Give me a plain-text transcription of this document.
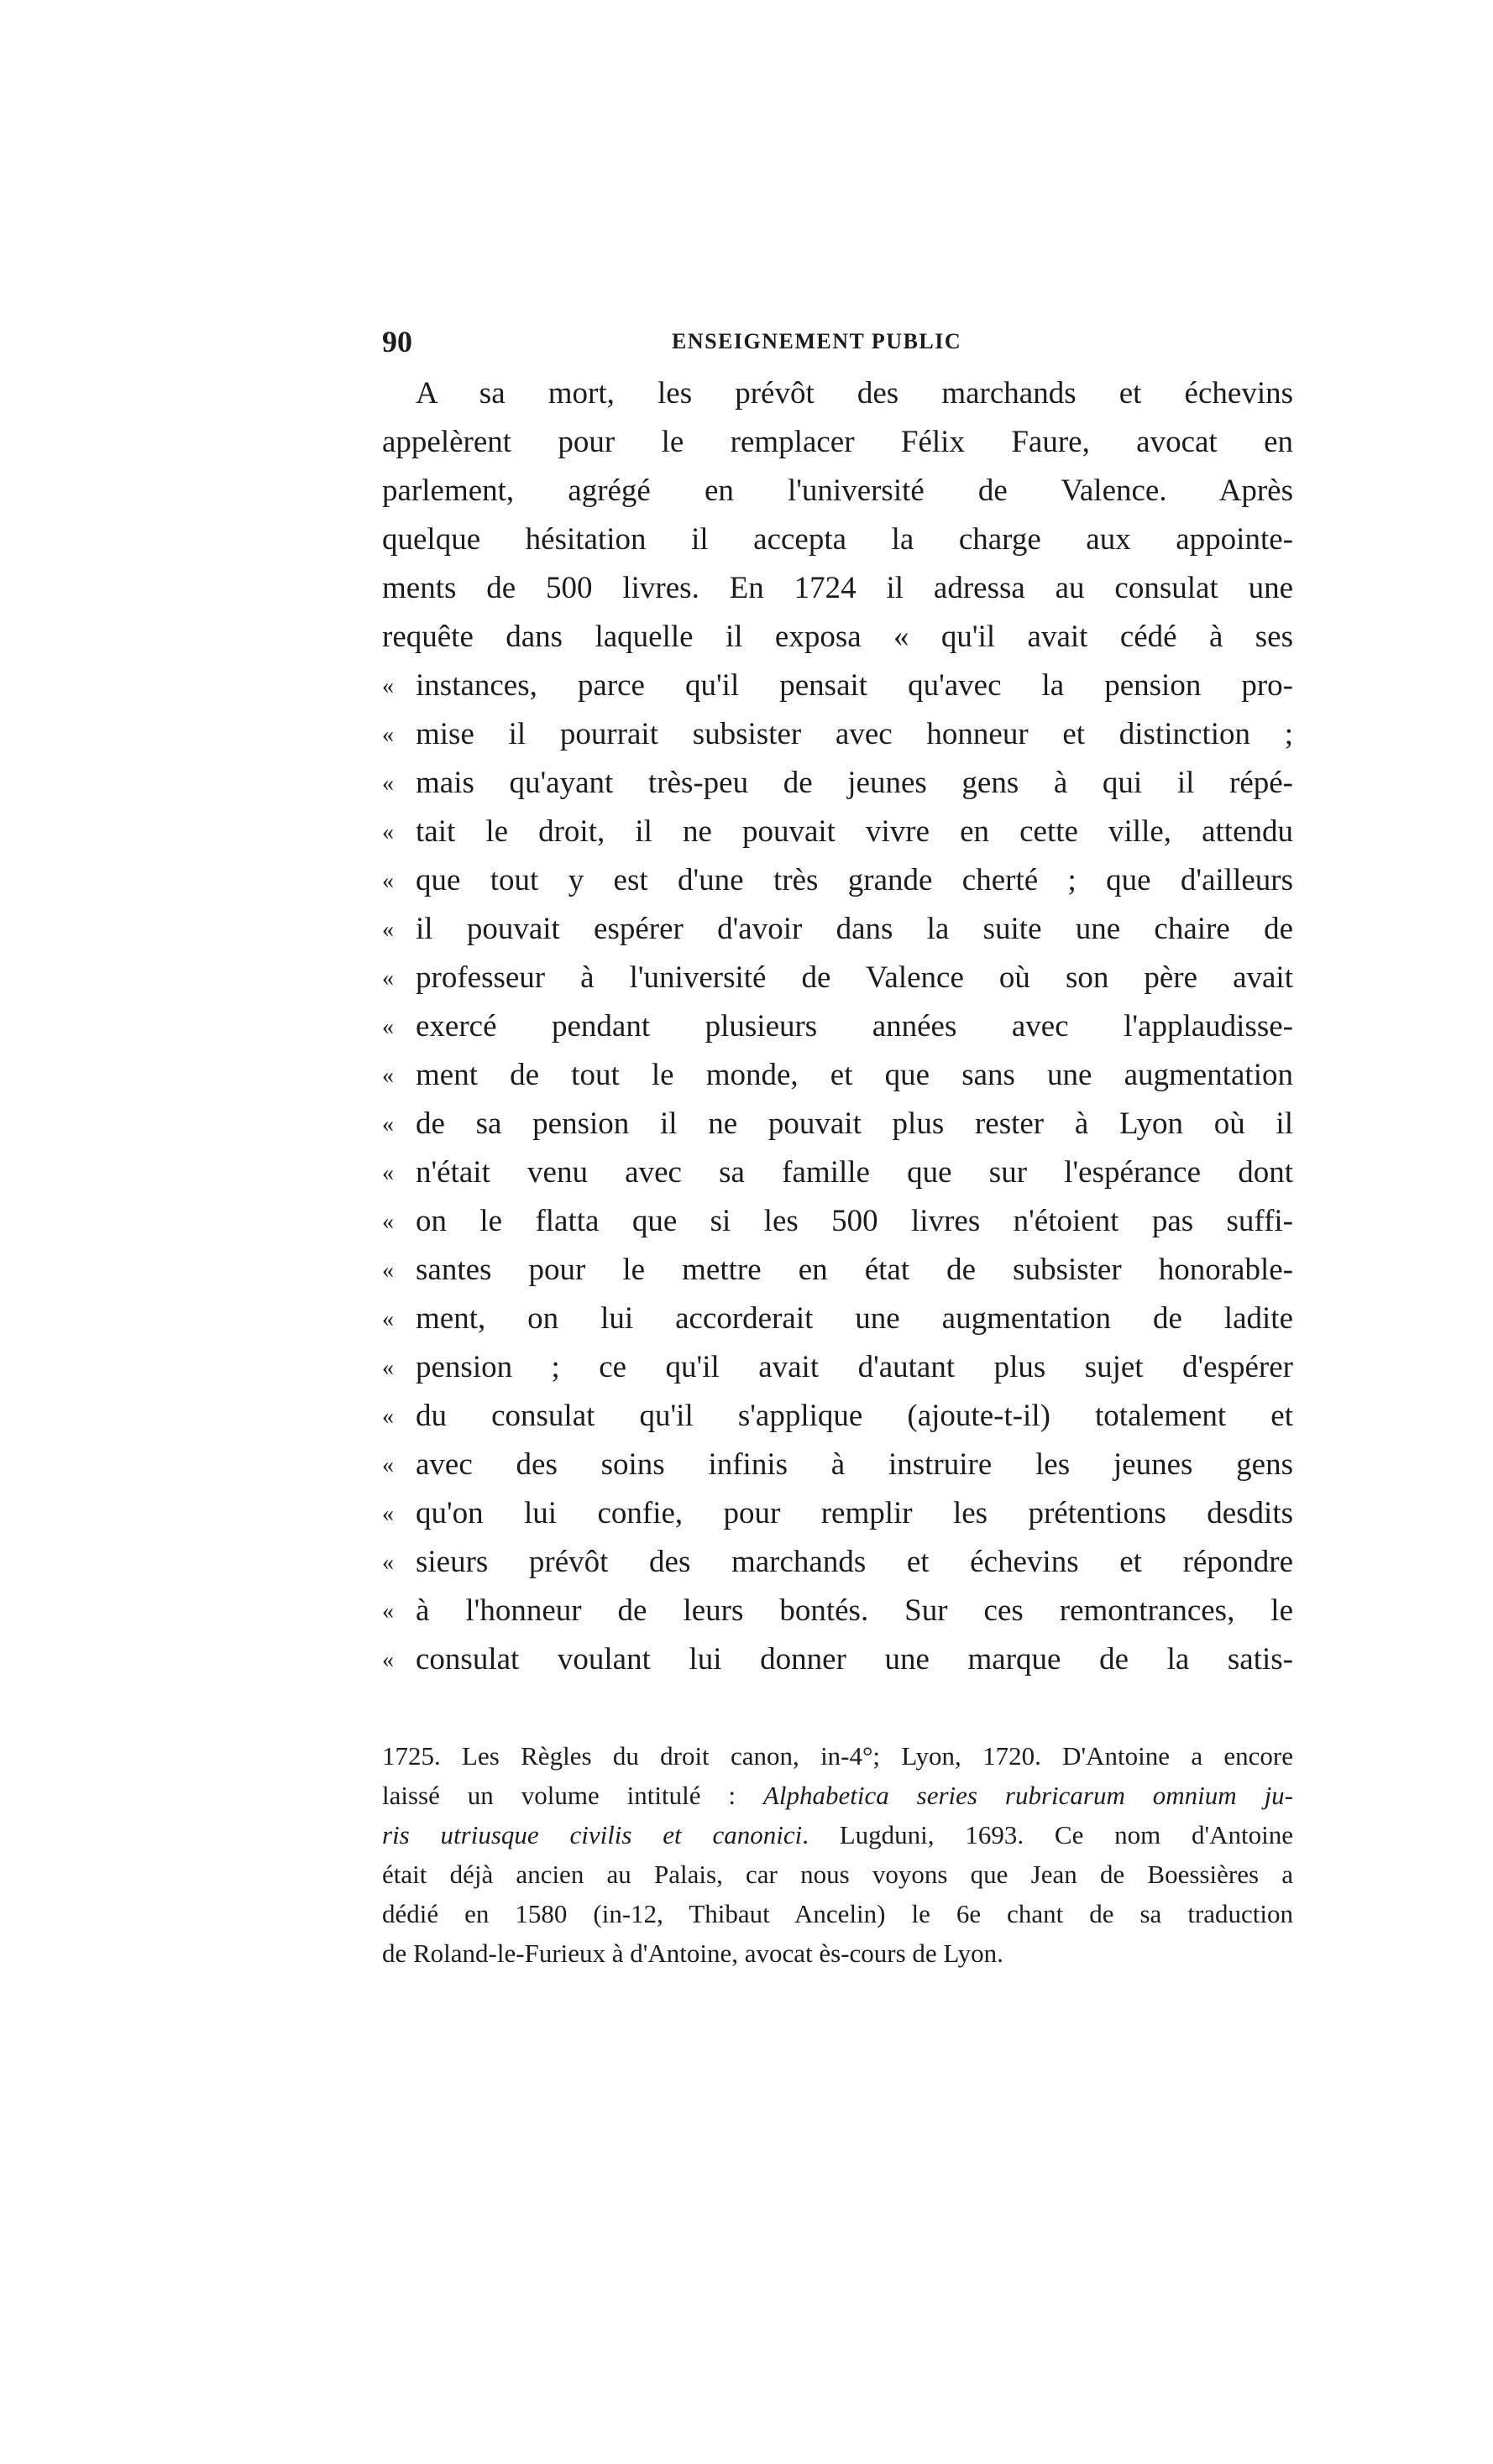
90	ENSEIGNEMENT PUBLIC
A sa mort, les prévôt des marchands et échevins
appelèrent pour le remplacer Félix Faure, avocat en
parlement, agrégé en l'université de Valence. Après
quelque hésitation il accepta la charge aux appointe-
ments de 500 livres. En 1724 il adressa au consulat une
requête dans laquelle il exposa « qu'il avait cédé à ses
« instances, parce qu'il pensait qu'avec la pension pro-
« mise il pourrait subsister avec honneur et distinction ;
« mais qu'ayant très-peu de jeunes gens à qui il répé-
« tait le droit, il ne pouvait vivre en cette ville, attendu
« que tout y est d'une très grande cherté ; que d'ailleurs
« il pouvait espérer d'avoir dans la suite une chaire de
« professeur à l'université de Valence où son père avait
« exercé pendant plusieurs années avec l'applaudisse-
« ment de tout le monde, et que sans une augmentation
« de sa pension il ne pouvait plus rester à Lyon où il
« n'était venu avec sa famille que sur l'espérance dont
« on le flatta que si les 500 livres n'étoient pas suffi-
« santes pour le mettre en état de subsister honorable-
« ment, on lui accorderait une augmentation de ladite
« pension ; ce qu'il avait d'autant plus sujet d'espérer
« du consulat qu'il s'applique (ajoute-t-il) totalement et
« avec des soins infinis à instruire les jeunes gens
« qu'on lui confie, pour remplir les prétentions desdits
« sieurs prévôt des marchands et échevins et répondre
« à l'honneur de leurs bontés. Sur ces remontrances, le
« consulat voulant lui donner une marque de la satis-
1725. Les Règles du droit canon, in-4°; Lyon, 1720. D'Antoine a encore
laissé un volume intitulé : Alphabetica series rubricarum omnium ju-
ris utriusque civilis et canonici. Lugduni, 1693. Ce nom d'Antoine
était déjà ancien au Palais, car nous voyons que Jean de Boessières a
dédié en 1580 (in-12, Thibaut Ancelin) le 6e chant de sa traduction
de Roland-le-Furieux à d'Antoine, avocat ès-cours de Lyon.
